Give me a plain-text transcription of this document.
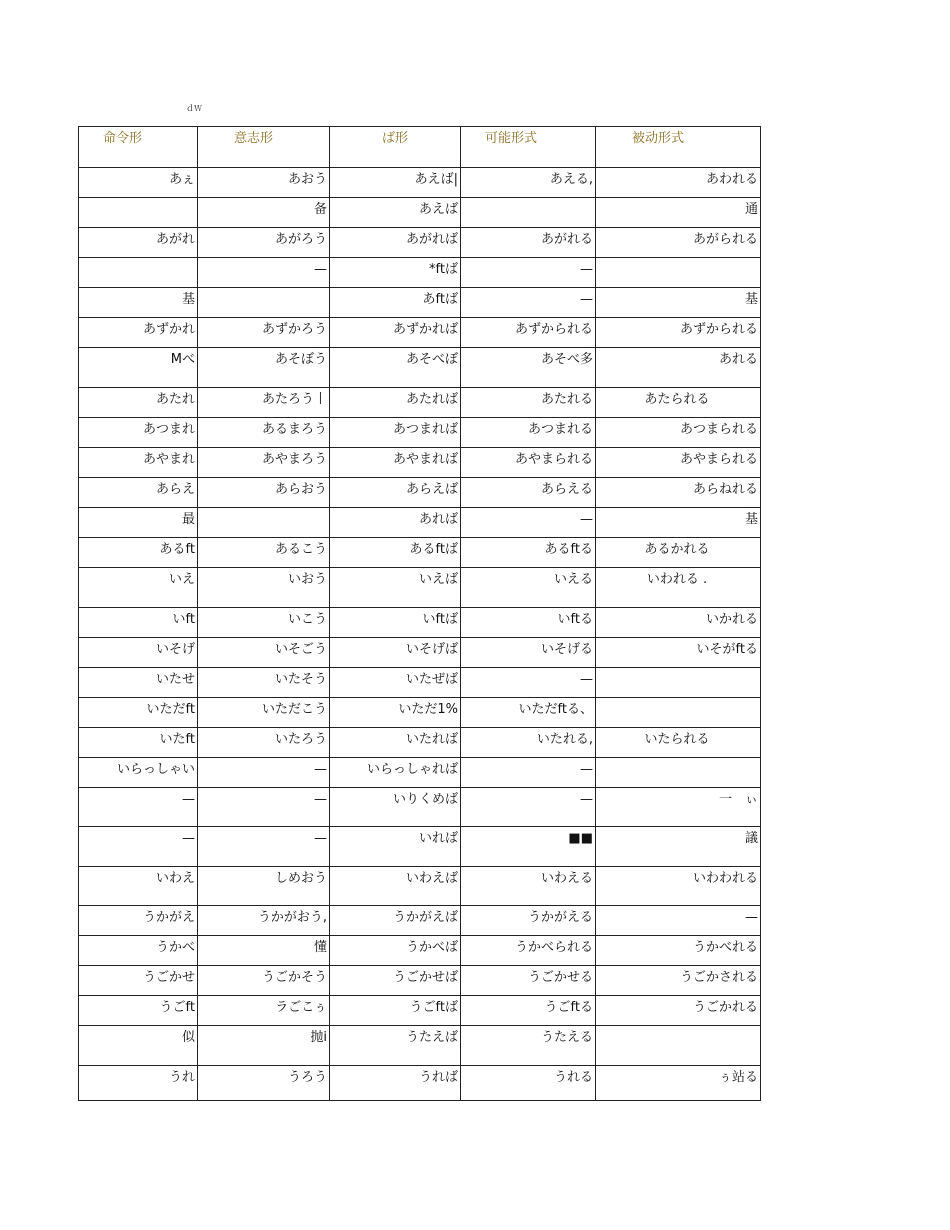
ｄＷ
命令形	意志形	ば形	可能形式	被动形式
あぇ	あおう	あえば|	あえる,	あわれる
	备	あえば		通
あがれ	あがろう	あがれば	あがれる	あがられる
	—	*ftば	—	
基		あftば	—	基
あずかれ	あずかろう	あずかれば	あずかられる	あずかられる
Mべ	あそぼう	あそべぼ	あそべ多	あれる
あたれ	あたろう丨	あたれば	あたれる	あたられる
あつまれ	あるまろう	あつまれば	あつまれる	あつまられる
あやまれ	あやまろう	あやまれば	あやまられる	あやまられる
あらえ	あらおう	あらえば	あらえる	あらねれる
最		あれば	—	基
あるft	あるこう	あるftば	あるftる	あるかれる
いえ	いおう	いえば	いえる	いわれる .
いft	いこう	いftば	いftる	いかれる
いそげ	いそごう	いそげば	いそげる	いそがftる
いたせ	いたそう	いたぜば	—	
いただft	いただこう	いただ1%	いただftる、	
いたft	いたろう	いたれば	いたれる,	いたられる
いらっしゃい	—	いらっしゃれば	—	
—	—	いりくめば	—	一　ぃ
—	—	いれば	■■	議
いわえ	しめおう	いわえば	いわえる	いわわれる
うかがえ	うかがおう,	うかがえば	うかがえる	—
うかべ	懂	うかべば	うかべられる	うかべれる
うごかせ	うごかそう	うごかせば	うごかせる	うごかされる
うごft	ラごこぅ	うごftば	うごftる	うごかれる
似	抛i	うたえば	うたえる	
うれ	うろう	うれば	うれる	ぅ站る
